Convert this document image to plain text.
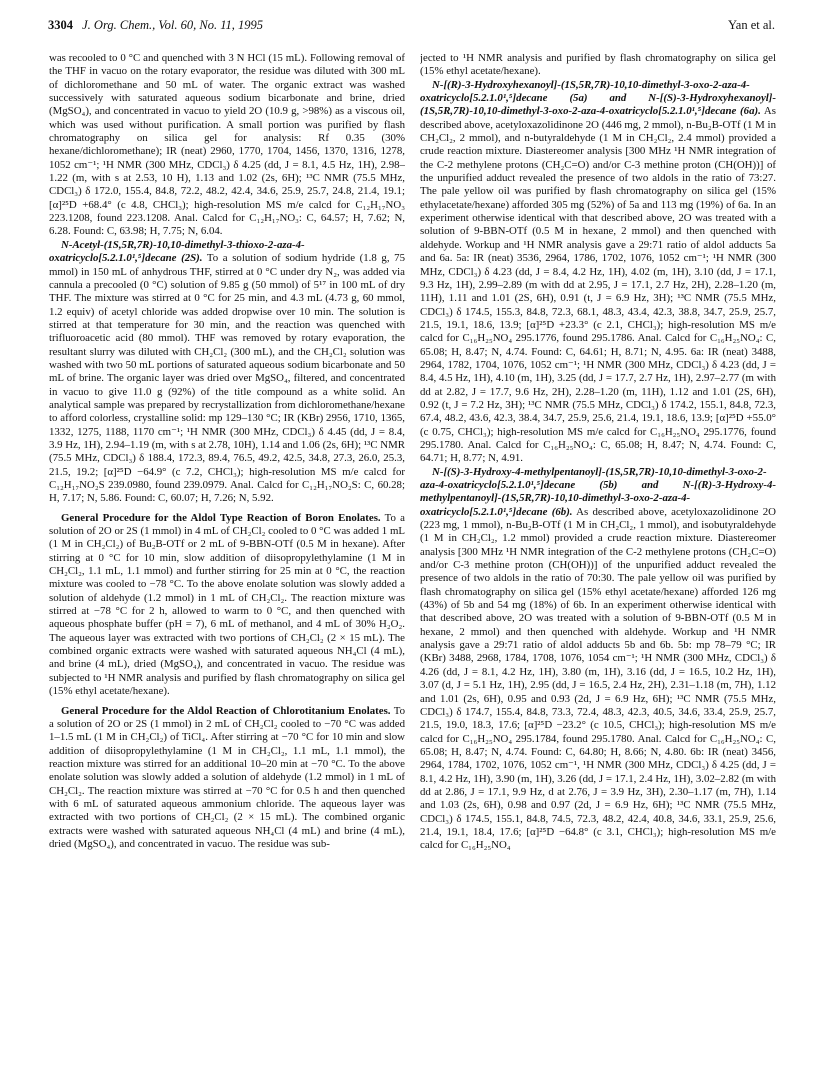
3304 J. Org. Chem., Vol. 60, No. 11, 1995	Yan et al.

was recooled to 0 °C and quenched with 3 N HCl (15 mL). Following removal of the THF in vacuo on the rotary evaporator, the residue was diluted with 300 mL of dichloromethane and 50 mL of water. The organic extract was washed successively with saturated aqueous sodium bicarbonate and brine, dried (MgSO₄), and concentrated in vacuo to yield 2O (10.9 g, >98%) as a viscous oil, which was used without purification. A small portion was purified by flash chromatography on silica gel for analysis: Rf 0.35 (30% hexane/dichloromethane); IR (neat) 2960, 1770, 1704, 1456, 1370, 1316, 1278, 1052 cm⁻¹; ¹H NMR (300 MHz, CDCl₃) δ 4.25 (dd, J = 8.1, 4.5 Hz, 1H), 2.98–1.22 (m, with s at 2.53, 10 H), 1.13 and 1.02 (2s, 6H); ¹³C NMR (75.5 MHz, CDCl₃) δ 172.0, 155.4, 84.8, 72.2, 48.2, 42.4, 34.6, 25.9, 25.7, 24.8, 21.4, 19.1; [α]²⁵D +68.4° (c 4.8, CHCl₃); high-resolution MS m/e calcd for C₁₂H₁₇NO₃ 223.1208, found 223.1208. Anal. Calcd for C₁₂H₁₇NO₃: C, 64.57; H, 7.62; N, 6.28. Found: C, 63.98; H, 7.75; N, 6.04.

N-Acetyl-(1S,5R,7R)-10,10-dimethyl-3-thioxo-2-aza-4-oxatricyclo[5.2.1.0¹,⁵]decane (2S). To a solution of sodium hydride (1.8 g, 75 mmol) in 150 mL of anhydrous THF, stirred at 0 °C under dry N₂, was added via cannula a precooled (0 °C) solution of 9.85 g (50 mmol) of 5¹⁷ in 100 mL of dry THF. The mixture was stirred at 0 °C for 25 min, and 4.3 mL (4.73 g, 60 mmol, 1.2 equiv) of acetyl chloride was added dropwise over 10 min. The solution is stirred at that temperature for 30 min, and the reaction was quenched with trifluoroacetic acid (80 mmol). THF was removed by rotary evaporation, the resultant slurry was diluted with CH₂Cl₂ (300 mL), and the CH₂Cl₂ solution was washed with two 50 mL portions of saturated aqueous sodium bicarbonate and 50 mL of brine. The organic layer was dried over MgSO₄, filtered, and concentrated in vacuo to give 11.0 g (92%) of the title compound as a white solid. An analytical sample was prepared by recrystallization from dichloromethane/hexane to afford colorless, crystalline solid: mp 129–130 °C; IR (KBr) 2956, 1710, 1365, 1332, 1275, 1188, 1170 cm⁻¹; ¹H NMR (300 MHz, CDCl₃) δ 4.45 (dd, J = 8.4, 3.9 Hz, 1H), 2.94–1.19 (m, with s at 2.78, 10H), 1.14 and 1.06 (2s, 6H); ¹³C NMR (75.5 MHz, CDCl₃) δ 188.4, 172.3, 89.4, 76.5, 49.2, 42.5, 34.8, 27.3, 26.0, 25.3, 21.5, 19.2; [α]²⁵D −64.9° (c 7.2, CHCl₃); high-resolution MS m/e calcd for C₁₂H₁₇NO₂S 239.0980, found 239.0979. Anal. Calcd for C₁₂H₁₇NO₂S: C, 60.28; H, 7.17; N, 5.86. Found: C, 60.07; H, 7.26; N, 5.92.

General Procedure for the Aldol Type Reaction of Boron Enolates. To a solution of 2O or 2S (1 mmol) in 4 mL of CH₂Cl₂ cooled to 0 °C was added 1 mL (1 M in CH₂Cl₂) of Bu₂B-OTf or 2 mL of 9-BBN-OTf (0.5 M in hexane). After stirring at 0 °C for 10 min, slow addition of diisopropylethylamine (1 M in CH₂Cl₂, 1.1 mL, 1.1 mmol) and further stirring for 25 min at 0 °C, the reaction mixture was cooled to −78 °C. To the above enolate solution was slowly added a solution of aldehyde (1.2 mmol) in 1 mL of CH₂Cl₂. The reaction mixture was stirred at −78 °C for 2 h, allowed to warm to 0 °C, and then quenched with aqueous phosphate buffer (pH = 7), 6 mL of methanol, and 4 mL of 30% H₂O₂. The aqueous layer was extracted with two portions of CH₂Cl₂ (2 × 15 mL). The combined organic extracts were washed with saturated aqueous NH₄Cl (4 mL), and brine (4 mL), dried (MgSO₄), and concentrated in vacuo. The residue was subjected to ¹H NMR analysis and purified by flash chromatography on silica gel (15% ethyl acetate/hexane).

General Procedure for the Aldol Reaction of Chlorotitanium Enolates. To a solution of 2O or 2S (1 mmol) in 2 mL of CH₂Cl₂ cooled to −70 °C was added 1–1.5 mL (1 M in CH₂Cl₂) of TiCl₄. After stirring at −70 °C for 10 min and slow addition of diisopropylethylamine (1 M in CH₂Cl₂, 1.1 mL, 1.1 mmol), the reaction mixture was stirred for an additional 10–20 min at −70 °C. To the above enolate solution was slowly added a solution of aldehyde (1.2 mmol) in 1 mL of CH₂Cl₂. The reaction mixture was stirred at −70 °C for 0.5 h and then quenched with 6 mL of saturated aqueous ammonium chloride. The aqueous layer was extracted with two portions of CH₂Cl₂ (2 × 15 mL). The combined organic extracts were washed with saturated aqueous NH₄Cl (4 mL) and brine (4 mL), dried (MgSO₄), and concentrated in vacuo. The residue was sub-

jected to ¹H NMR analysis and purified by flash chromatography on silica gel (15% ethyl acetate/hexane).

N-[(R)-3-Hydroxyhexanoyl]-(1S,5R,7R)-10,10-dimethyl-3-oxo-2-aza-4-oxatricyclo[5.2.1.0¹,⁵]decane (5a) and N-[(S)-3-Hydroxyhexanoyl]-(1S,5R,7R)-10,10-dimethyl-3-oxo-2-aza-4-oxatricyclo[5.2.1.0¹,⁵]decane (6a). As described above, acetyloxazolidinone 2O (446 mg, 2 mmol), n-Bu₂B-OTf (1 M in CH₂Cl₂, 2 mmol), and n-butyraldehyde (1 M in CH₂Cl₂, 2.4 mmol) provided a crude reaction mixture. Diastereomer analysis [300 MHz ¹H NMR integration of the C-2 methylene protons (CH₂C=O) and/or C-3 methine proton (CH(OH))] of the unpurified adduct revealed the presence of two aldols in the ratio of 73:27. The pale yellow oil was purified by flash chromatography on silica gel (15% ethylacetate/hexane) afforded 305 mg (52%) of 5a and 113 mg (19%) of 6a. In an experiment otherwise identical with that described above, 2O was treated with a solution of 9-BBN-OTf (0.5 M in hexane, 2 mmol) and then quenched with aldehyde. Workup and ¹H NMR analysis gave a 29:71 ratio of aldol adducts 5a and 6a. 5a: IR (neat) 3536, 2964, 1786, 1702, 1076, 1052 cm⁻¹; ¹H NMR (300 MHz, CDCl₃) δ 4.23 (dd, J = 8.4, 4.2 Hz, 1H), 4.02 (m, 1H), 3.10 (dd, J = 17.1, 9.3 Hz, 1H), 2.99–2.89 (m with dd at 2.95, J = 17.1, 2.7 Hz, 2H), 2.28–1.20 (m, 11H), 1.11 and 1.01 (2S, 6H), 0.91 (t, J = 6.9 Hz, 3H); ¹³C NMR (75.5 MHz, CDCl₃) δ 174.5, 155.3, 84.8, 72.3, 68.1, 48.3, 43.4, 42.3, 38.8, 34.7, 25.9, 25.7, 21.5, 19.1, 18.6, 13.9; [α]²⁵D +23.3° (c 2.1, CHCl₃); high-resolution MS m/e calcd for C₁₆H₂₅NO₄ 295.1776, found 295.1786. Anal. Calcd for C₁₆H₂₅NO₄: C, 65.08; H, 8.47; N, 4.74. Found: C, 64.61; H, 8.71; N, 4.95. 6a: IR (neat) 3488, 2964, 1782, 1704, 1076, 1052 cm⁻¹; ¹H NMR (300 MHz, CDCl₃) δ 4.23 (dd, J = 8.4, 4.5 Hz, 1H), 4.10 (m, 1H), 3.25 (dd, J = 17.7, 2.7 Hz, 1H), 2.97–2.77 (m with dd at 2.82, J = 17.7, 9.6 Hz, 2H), 2.28–1.20 (m, 11H), 1.12 and 1.01 (2S, 6H), 0.92 (t, J = 7.2 Hz, 3H); ¹³C NMR (75.5 MHz, CDCl₃) δ 174.2, 155.1, 84.8, 72.3, 67.4, 48.2, 43.6, 42.3, 38.4, 34.7, 25.9, 25.6, 21.4, 19.1, 18.6, 13.9; [α]²⁵D +55.0° (c 0.75, CHCl₃); high-resolution MS m/e calcd for C₁₆H₂₅NO₄ 295.1776, found 295.1780. Anal. Calcd for C₁₆H₂₅NO₄: C, 65.08; H, 8.47; N, 4.74. Found: C, 64.71; H, 8.77; N, 4.91.

N-[(S)-3-Hydroxy-4-methylpentanoyl]-(1S,5R,7R)-10,10-dimethyl-3-oxo-2-aza-4-oxatricyclo[5.2.1.0¹,⁵]decane (5b) and N-[(R)-3-Hydroxy-4-methylpentanoyl]-(1S,5R,7R)-10,10-dimethyl-3-oxo-2-aza-4-oxatricyclo[5.2.1.0¹,⁵]decane (6b). As described above, acetyloxazolidinone 2O (223 mg, 1 mmol), n-Bu₂B-OTf (1 M in CH₂Cl₂, 1 mmol), and isobutyraldehyde (1 M in CH₂Cl₂, 1.2 mmol) provided a crude reaction mixture. Diastereomer analysis [300 MHz ¹H NMR integration of the C-2 methylene protons (CH₂C=O) and/or C-3 methine proton (CH(OH))] of the unpurified adduct revealed the presence of two aldols in the ratio of 70:30. The pale yellow oil was purified by flash chromatography on silica gel (15% ethyl acetate/hexane) afforded 126 mg (43%) of 5b and 54 mg (18%) of 6b. In an experiment otherwise identical with that described above, 2O was treated with a solution of 9-BBN-OTf (0.5 M in hexane, 2 mmol) and then quenched with aldehyde. Workup and ¹H NMR analysis gave a 29:71 ratio of aldol adducts 5b and 6b. 5b: mp 78–79 °C; IR (KBr) 3488, 2968, 1784, 1708, 1076, 1054 cm⁻¹; ¹H NMR (300 MHz, CDCl₃) δ 4.26 (dd, J = 8.1, 4.2 Hz, 1H), 3.80 (m, 1H), 3.16 (dd, J = 16.5, 10.2 Hz, 1H), 3.07 (d, J = 5.1 Hz, 1H), 2.95 (dd, J = 16.5, 2.4 Hz, 2H), 2.31–1.18 (m, 7H), 1.12 and 1.01 (2s, 6H), 0.95 and 0.93 (2d, J = 6.9 Hz, 6H); ¹³C NMR (75.5 MHz, CDCl₃) δ 174.7, 155.4, 84.8, 73.3, 72.4, 48.3, 42.3, 40.5, 34.6, 33.4, 25.9, 25.7, 21.5, 19.0, 18.3, 17.6; [α]²⁵D −23.2° (c 10.5, CHCl₃); high-resolution MS m/e calcd for C₁₆H₂₅NO₄ 295.1784, found 295.1780. Anal. Calcd for C₁₆H₂₅NO₄: C, 65.08; H, 8.47; N, 4.74. Found: C, 64.80; H, 8.66; N, 4.80. 6b: IR (neat) 3456, 2964, 1784, 1702, 1076, 1052 cm⁻¹, ¹H NMR (300 MHz, CDCl₃) δ 4.25 (dd, J = 8.1, 4.2 Hz, 1H), 3.90 (m, 1H), 3.26 (dd, J = 17.1, 2.4 Hz, 1H), 3.02–2.82 (m with dd at 2.86, J = 17.1, 9.9 Hz, d at 2.76, J = 3.9 Hz, 3H), 2.30–1.17 (m, 7H), 1.14 and 1.03 (2s, 6H), 0.98 and 0.97 (2d, J = 6.9 Hz, 6H); ¹³C NMR (75.5 MHz, CDCl₃) δ 174.5, 155.1, 84.8, 74.5, 72.3, 48.2, 42.4, 40.8, 34.6, 33.1, 25.9, 25.6, 21.4, 19.1, 18.4, 17.6; [α]²⁵D −64.8° (c 3.1, CHCl₃); high-resolution MS m/e calcd for C₁₆H₂₅NO₄
